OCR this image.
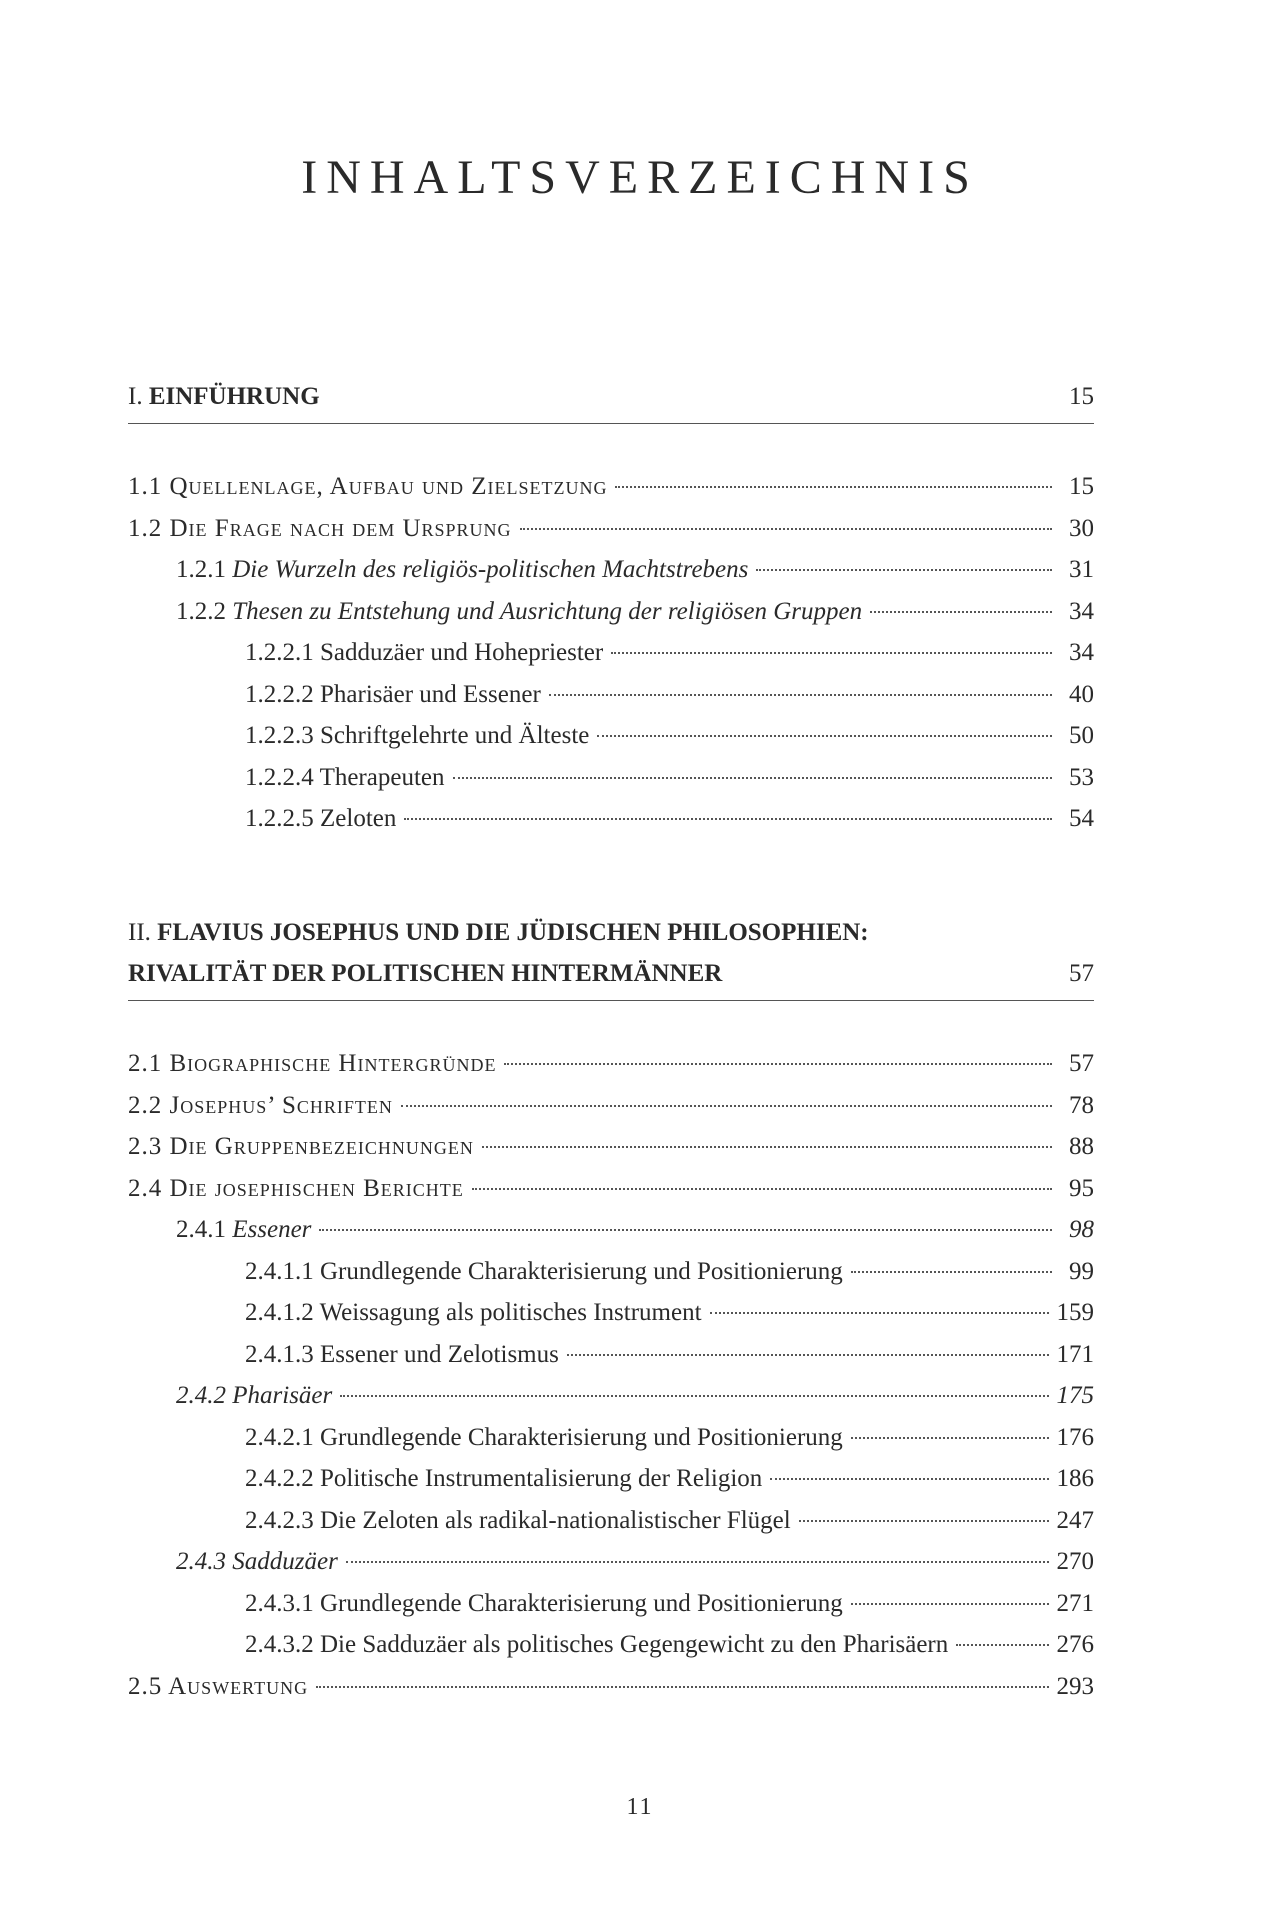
INHALTSVERZEICHNIS
I. EINFÜHRUNG	15
1.1 Quellenlage, Aufbau und Zielsetzung	15
1.2 Die Frage nach dem Ursprung	30
1.2.1 Die Wurzeln des religiös-politischen Machtstrebens	31
1.2.2 Thesen zu Entstehung und Ausrichtung der religiösen Gruppen	34
1.2.2.1 Sadduzäer und Hohepriester	34
1.2.2.2 Pharisäer und Essener	40
1.2.2.3 Schriftgelehrte und Älteste	50
1.2.2.4 Therapeuten	53
1.2.2.5 Zeloten	54
II. FLAVIUS JOSEPHUS UND DIE JÜDISCHEN PHILOSOPHIEN:
RIVALITÄT DER POLITISCHEN HINTERMÄNNER	57
2.1 Biographische Hintergründe	57
2.2 Josephus’ Schriften	78
2.3 Die Gruppenbezeichnungen	88
2.4 Die josephischen Berichte	95
2.4.1 Essener	98
2.4.1.1 Grundlegende Charakterisierung und Positionierung	99
2.4.1.2 Weissagung als politisches Instrument	159
2.4.1.3 Essener und Zelotismus	171
2.4.2 Pharisäer	175
2.4.2.1 Grundlegende Charakterisierung und Positionierung	176
2.4.2.2 Politische Instrumentalisierung der Religion	186
2.4.2.3 Die Zeloten als radikal-nationalistischer Flügel	247
2.4.3 Sadduzäer	270
2.4.3.1 Grundlegende Charakterisierung und Positionierung	271
2.4.3.2 Die Sadduzäer als politisches Gegengewicht zu den Pharisäern	276
2.5 Auswertung	293
11
